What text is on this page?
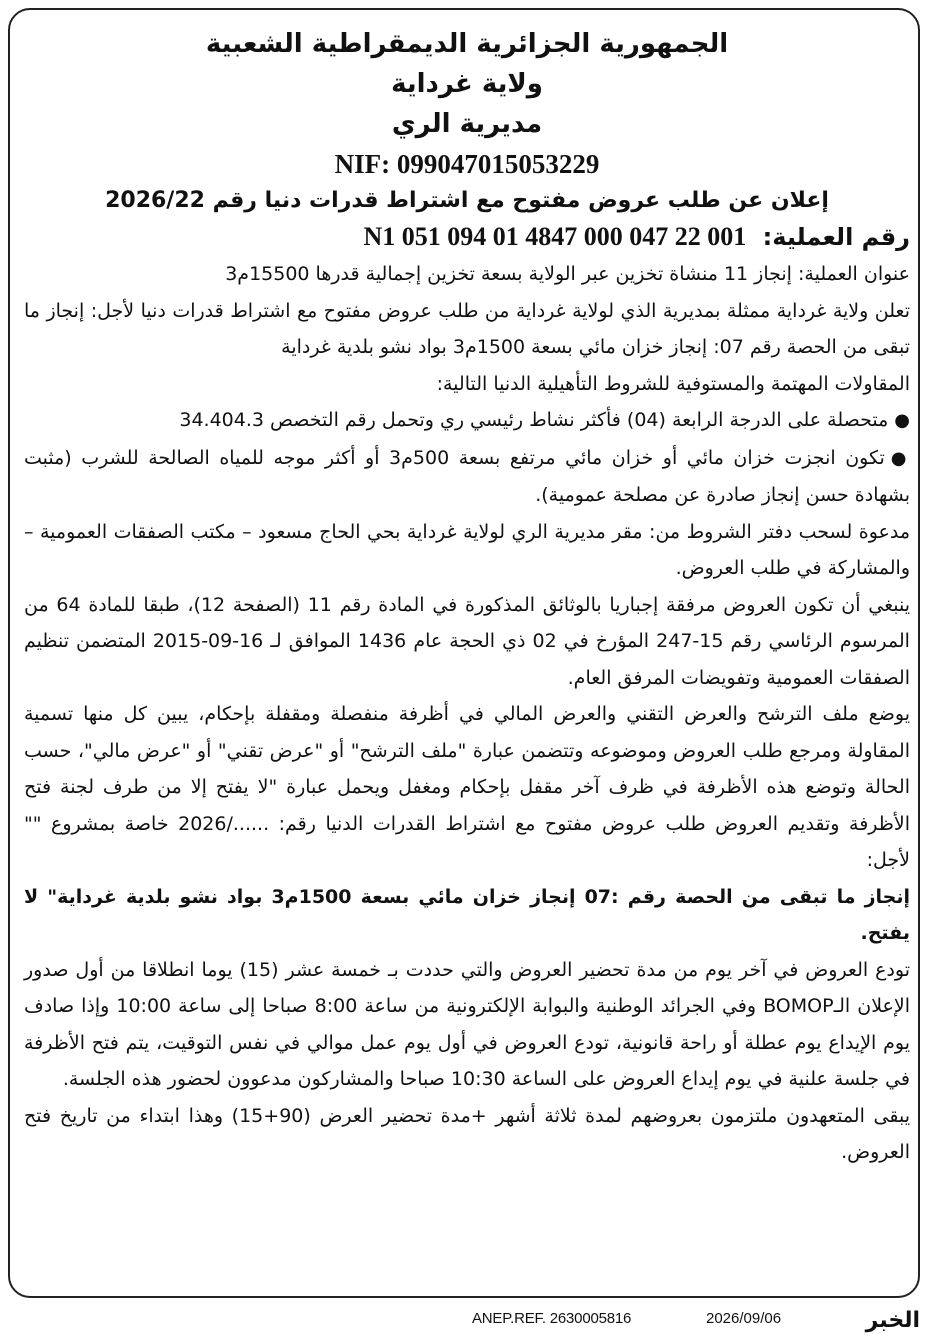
الجمهورية الجزائرية الديمقراطية الشعبية
ولاية غرداية
مديرية الري
NIF: 099047015053229
إعلان عن طلب عروض مفتوح مع اشتراط قدرات دنيا رقم 2026/22
رقم العملية: N1 051 094 01 4847 000 047 22 001

عنوان العملية: إنجاز 11 منشاة تخزين عبر الولاية بسعة تخزين إجمالية قدرها 15500م3

تعلن ولاية غرداية ممثلة بمديرية الذي لولاية غرداية من طلب عروض مفتوح مع اشتراط قدرات دنيا لأجل: إنجاز ما تبقى من الحصة رقم 07: إنجاز خزان مائي بسعة 1500م3 بواد نشو بلدية غرداية

المقاولات المهتمة والمستوفية للشروط التأهيلية الدنيا التالية:

●متحصلة على الدرجة الرابعة (04) فأكثر نشاط رئيسي ري وتحمل رقم التخصص 34.404.3

●تكون انجزت خزان مائي أو خزان مائي مرتفع بسعة 500م3 أو أكثر موجه للمياه الصالحة للشرب (مثبت بشهادة حسن إنجاز صادرة عن مصلحة عمومية).

مدعوة لسحب دفتر الشروط من: مقر مديرية الري لولاية غرداية بحي الحاج مسعود – مكتب الصفقات العمومية – والمشاركة في طلب العروض.

ينبغي أن تكون العروض مرفقة إجباريا بالوثائق المذكورة في المادة رقم 11 (الصفحة 12)، طبقا للمادة 64 من المرسوم الرئاسي رقم 15-247 المؤرخ في 02 ذي الحجة عام 1436 الموافق لـ 16-09-2015 المتضمن تنظيم الصفقات العمومية وتفويضات المرفق العام.

يوضع ملف الترشح والعرض التقني والعرض المالي في أظرفة منفصلة ومقفلة بإحكام، يبين كل منها تسمية المقاولة ومرجع طلب العروض وموضوعه وتتضمن عبارة "ملف الترشح" أو "عرض تقني" أو "عرض مالي"، حسب الحالة وتوضع هذه الأظرفة في ظرف آخر مقفل بإحكام ومغفل ويحمل عبارة "لا يفتح إلا من طرف لجنة فتح الأظرفة وتقديم العروض طلب عروض مفتوح مع اشتراط القدرات الدنيا رقم: ....../2026 خاصة بمشروع "" لأجل:

إنجاز ما تبقى من الحصة رقم :07 إنجاز خزان مائي بسعة 1500م3 بواد نشو بلدية غرداية" لا يفتح.

تودع العروض في آخر يوم من مدة تحضير العروض والتي حددت بـ خمسة عشر (15) يوما انطلاقا من أول صدور الإعلان الـBOMOP وفي الجرائد الوطنية والبوابة الإلكترونية من ساعة 8:00 صباحا إلى ساعة 10:00 وإذا صادف يوم الإيداع يوم عطلة أو راحة قانونية، تودع العروض في أول يوم عمل موالي في نفس التوقيت، يتم فتح الأظرفة في جلسة علنية في يوم إيداع العروض على الساعة 10:30 صباحا والمشاركون مدعوون لحضور هذه الجلسة.

يبقى المتعهدون ملتزمون بعروضهم لمدة ثلاثة أشهر +مدة تحضير العرض (90+15) وهذا ابتداء من تاريخ فتح العروض.

ANEP.REF. 2630005816	2026/09/06	الخبر
